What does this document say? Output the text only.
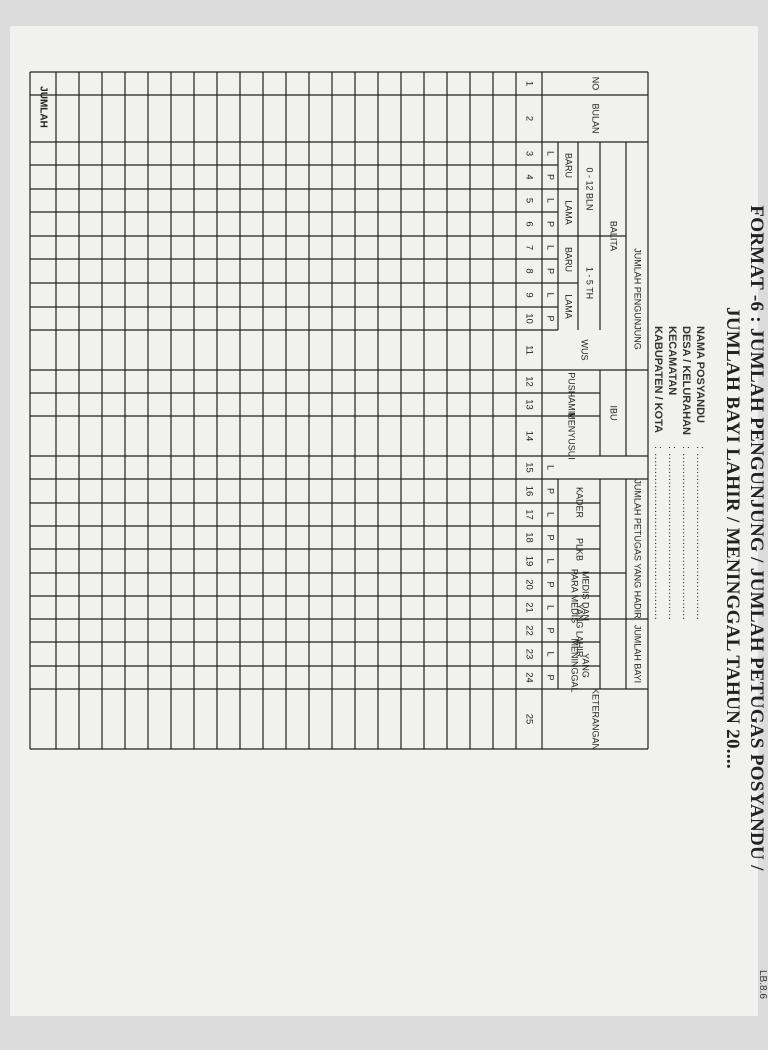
FORMAT -6 : JUMLAH PENGUNJUNG / JUMLAH PETUGAS POSYANDU /
JUMLAH BAYI LAHIR / MENINGGAL TAHUN 20....
LB.8.6
NAMA POSYANDU: ...............................................
DESA / KELURAHAN: ...............................................
KECAMATAN: ...............................................
KABUPATEN / KOTA: ...............................................
NO
BULAN
JUMLAH PENGUNJUNG
BALITA
0 - 12 BLN
1 - 5 TH
BARU
LAMA
BARU
LAMA
WUS
IBU
PUS
HAMIL
MENYUSUI
JUMLAH PETUGAS YANG HADIR
KADER
PLKB
MEDIS DAN
PARA MEDIS
JUMLAH BAYI
YANG LAHIR
YANG
MENINGGAL
KETERANGAN
L
P
L
P
L
P
L
P
L
P
L
P
L
P
L
P
L
P
1
2
3
4
5
6
7
8
9
10
11
12
13
14
15
16
17
18
19
20
21
22
23
24
25
JUMLAH
